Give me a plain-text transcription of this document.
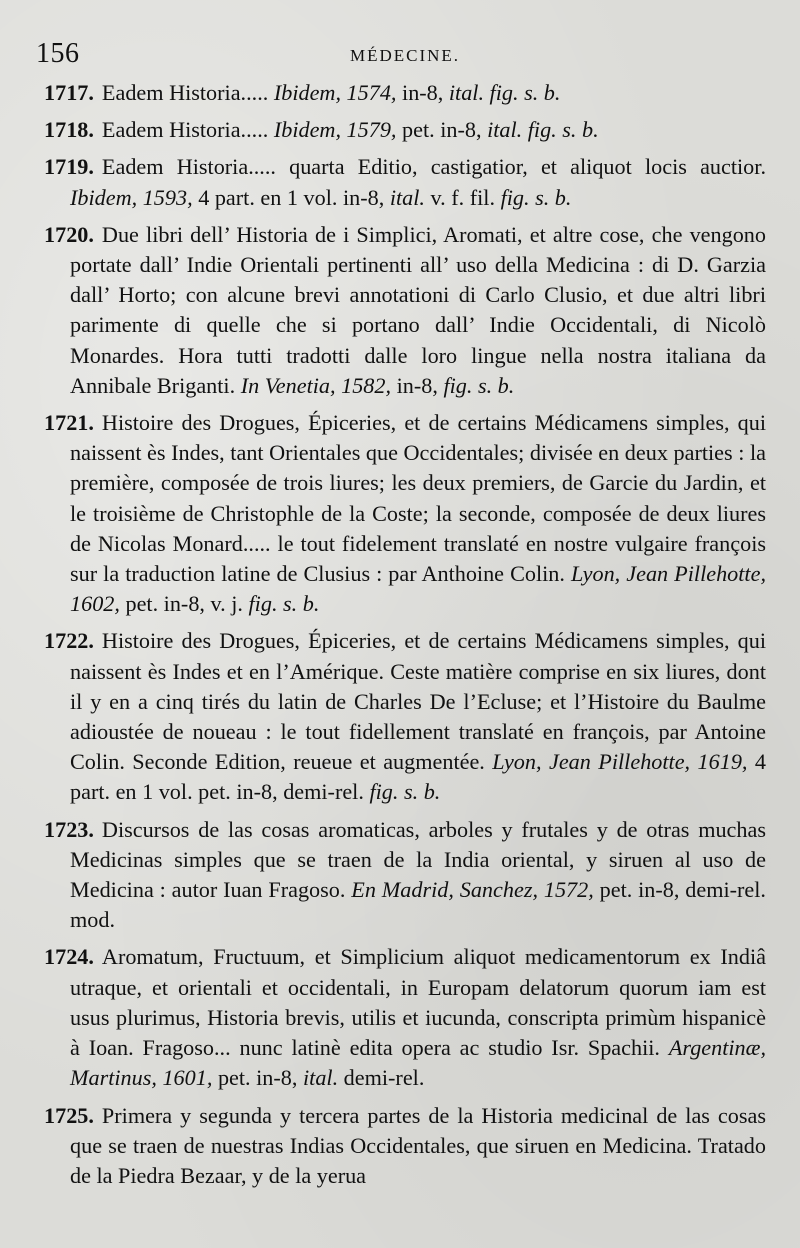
156	MÉDECINE.
1717. Eadem Historia..... Ibidem, 1574, in-8, ital. fig. s. b.
1718. Eadem Historia..... Ibidem, 1579, pet. in-8, ital. fig. s. b.
1719. Eadem Historia..... quarta Editio, castigatior, et aliquot locis auctior. Ibidem, 1593, 4 part. en 1 vol. in-8, ital. v. f. fil. fig. s. b.
1720. Due libri dell’ Historia de i Simplici, Aromati, et altre cose, che vengono portate dall’ Indie Orientali pertinenti all’ uso della Medicina : di D. Garzia dall’ Horto; con alcune brevi annotationi di Carlo Clusio, et due altri libri parimente di quelle che si portano dall’ Indie Occidentali, di Nicolò Monardes. Hora tutti tradotti dalle loro lingue nella nostra italiana da Annibale Briganti. In Venetia, 1582, in-8, fig. s. b.
1721. Histoire des Drogues, Épiceries, et de certains Médicamens simples, qui naissent ès Indes, tant Orientales que Occidentales; divisée en deux parties : la première, composée de trois liures; les deux premiers, de Garcie du Jardin, et le troisième de Christophle de la Coste; la seconde, composée de deux liures de Nicolas Monard..... le tout fidelement translaté en nostre vulgaire françois sur la traduction latine de Clusius : par Anthoine Colin. Lyon, Jean Pillehotte, 1602, pet. in-8, v. j. fig. s. b.
1722. Histoire des Drogues, Épiceries, et de certains Médicamens simples, qui naissent ès Indes et en l’Amérique. Ceste matière comprise en six liures, dont il y en a cinq tirés du latin de Charles De l’Ecluse; et l’Histoire du Baulme adioustée de noueau : le tout fidellement translaté en françois, par Antoine Colin. Seconde Edition, reueue et augmentée. Lyon, Jean Pillehotte, 1619, 4 part. en 1 vol. pet. in-8, demi-rel. fig. s. b.
1723. Discursos de las cosas aromaticas, arboles y frutales y de otras muchas Medicinas simples que se traen de la India oriental, y siruen al uso de Medicina : autor Iuan Fragoso. En Madrid, Sanchez, 1572, pet. in-8, demi-rel. mod.
1724. Aromatum, Fructuum, et Simplicium aliquot medicamentorum ex Indiâ utraque, et orientali et occidentali, in Europam delatorum quorum iam est usus plurimus, Historia brevis, utilis et iucunda, conscripta primùm hispanicè à Ioan. Fragoso... nunc latinè edita opera ac studio Isr. Spachii. Argentinæ, Martinus, 1601, pet. in-8, ital. demi-rel.
1725. Primera y segunda y tercera partes de la Historia medicinal de las cosas que se traen de nuestras Indias Occidentales, que siruen en Medicina. Tratado de la Piedra Bezaar, y de la yerua
